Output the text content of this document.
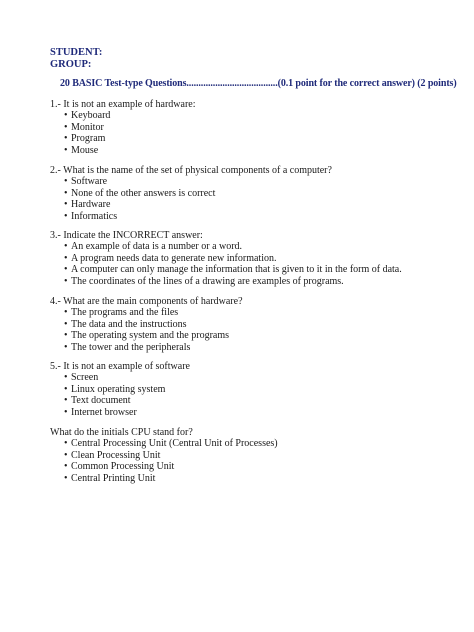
STUDENT:
GROUP:
20 BASIC Test-type Questions......................................(0.1 point for the correct answer) (2 points)
1.- It is not an example of hardware:
• Keyboard
• Monitor
• Program
• Mouse
2.- What is the name of the set of physical components of a computer?
• Software
• None of the other answers is correct
• Hardware
• Informatics
3.- Indicate the INCORRECT answer:
• An example of data is a number or a word.
• A program needs data to generate new information.
• A computer can only manage the information that is given to it in the form of data.
• The coordinates of the lines of a drawing are examples of programs.
4.- What are the main components of hardware?
• The programs and the files
• The data and the instructions
• The operating system and the programs
• The tower and the peripherals
5.- It is not an example of software
• Screen
• Linux operating system
• Text document
• Internet browser
What do the initials CPU stand for?
• Central Processing Unit (Central Unit of Processes)
• Clean Processing Unit
• Common Processing Unit
• Central Printing Unit
